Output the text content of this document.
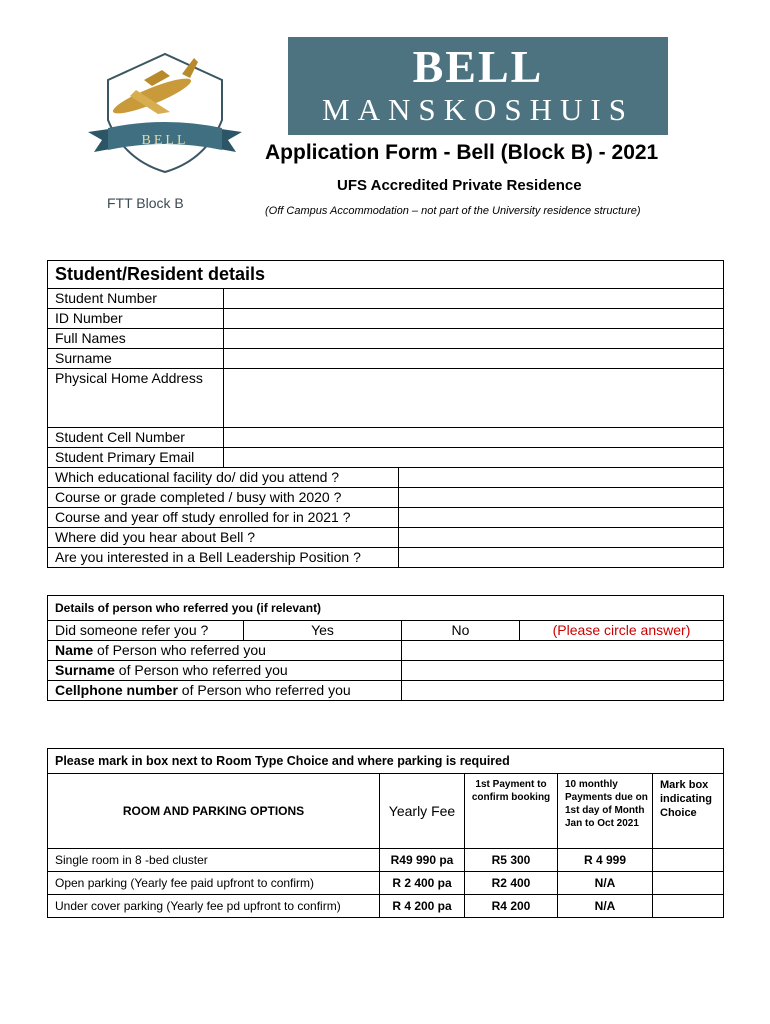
BELL
BELL
MANSKOSHUIS
Application Form - Bell (Block B) - 2021
UFS Accredited Private Residence
(Off Campus Accommodation – not part of the University residence structure)
FTT Block B
Student/Resident details		
Student Number		
ID Number		
Full Names		
Surname		
Physical Home Address		
Student Cell Number		
Student Primary Email		
Which educational facility do/ did you attend ?		
Course or grade completed / busy with 2020 ?		
Course and year off study enrolled for in 2021 ?		
Where did you hear about Bell ?		
Are you interested in a Bell Leadership Position ?		
Details of person who referred you (if relevant)			
Did someone refer you ?	Yes	No	(Please circle answer)
Name of Person who referred you			
Surname of Person who referred you			
Cellphone number of Person who referred you			
Please mark in box next to Room Type Choice and where parking is required				
ROOM AND PARKING OPTIONS	Yearly Fee	1st Payment to confirm booking	10 monthly Payments due on 1st day of Month Jan to Oct 2021	Mark box indicating Choice
Single room in 8 -bed cluster	R49 990 pa	R5 300	R 4 999	
Open parking (Yearly fee paid upfront to confirm)	R 2 400 pa	R2 400	N/A	
Under cover parking (Yearly fee pd upfront to confirm)	R 4 200 pa	R4 200	N/A	
